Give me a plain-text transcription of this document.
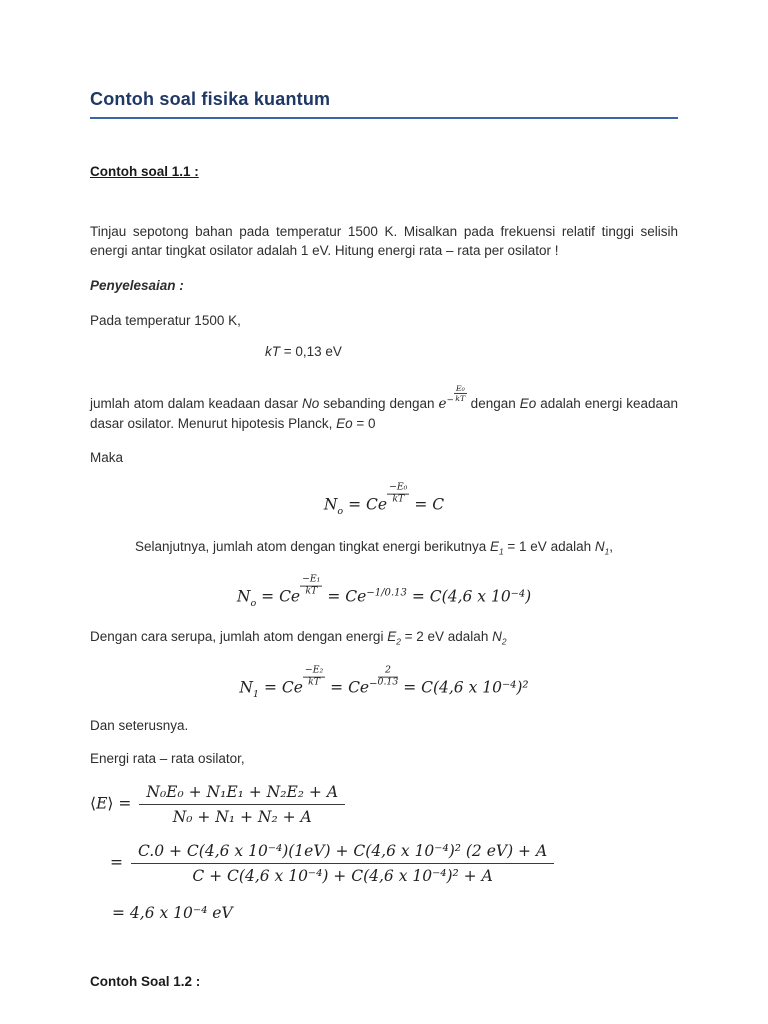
Contoh soal fisika kuantum
Contoh soal 1.1 :

Tinjau sepotong bahan pada temperatur 1500 K. Misalkan pada frekuensi relatif tinggi selisih energi antar tingkat osilator adalah 1 eV. Hitung energi rata – rata per osilator !

Penyelesaian :

Pada temperatur 1500 K,

kT = 0,13 eV

jumlah atom dalam keadaan dasar No sebanding dengan $e^- \frac{\text{E₀}}{kT}$
dengan Eo adalah energi keadaan dasar osilator. Menurut hipotesis Planck, Eo = 0

Maka

$N_o = Ce \frac{\text{−E₀}}{kT} = C$

Selanjutnya, jumlah atom dengan tingkat energi berikutnya $E_1 = 1$ eV adalah $N_1$,

$N_o = Ce \frac{\text{−E₁}}{kT} = Ce^{-1/0.13} = C(4,6$ x 10⁻⁴)

Dengan cara serupa, jumlah atom dengan energi $E_2 = 2$ eV adalah $N_2$

$N_1 = Ce \frac{\text{−E₂}}{kT} = Ce^- \frac{2}{0.13} = C(4,6$ x 10⁻⁴)²

Dan seterusnya.

Energi rata – rata osilator,

⟨E⟩ = $\frac{\text{N₀E₀ + N₁E₁ + N₂E₂ + A}}{\text{N₀ + N₁ + N₂ + A}}$
= $\frac{\text{C.0 + C(4,6 x 10⁻⁴)(1eV) + C(4,6 x 10⁻⁴)² (2 eV) + A}}{\text{C + C(4,6 x 10⁻⁴) + C(4,6 x 10⁻⁴)² + A}}$

= 4,6 x 10⁻⁴ eV

Contoh Soal 1.2 :
